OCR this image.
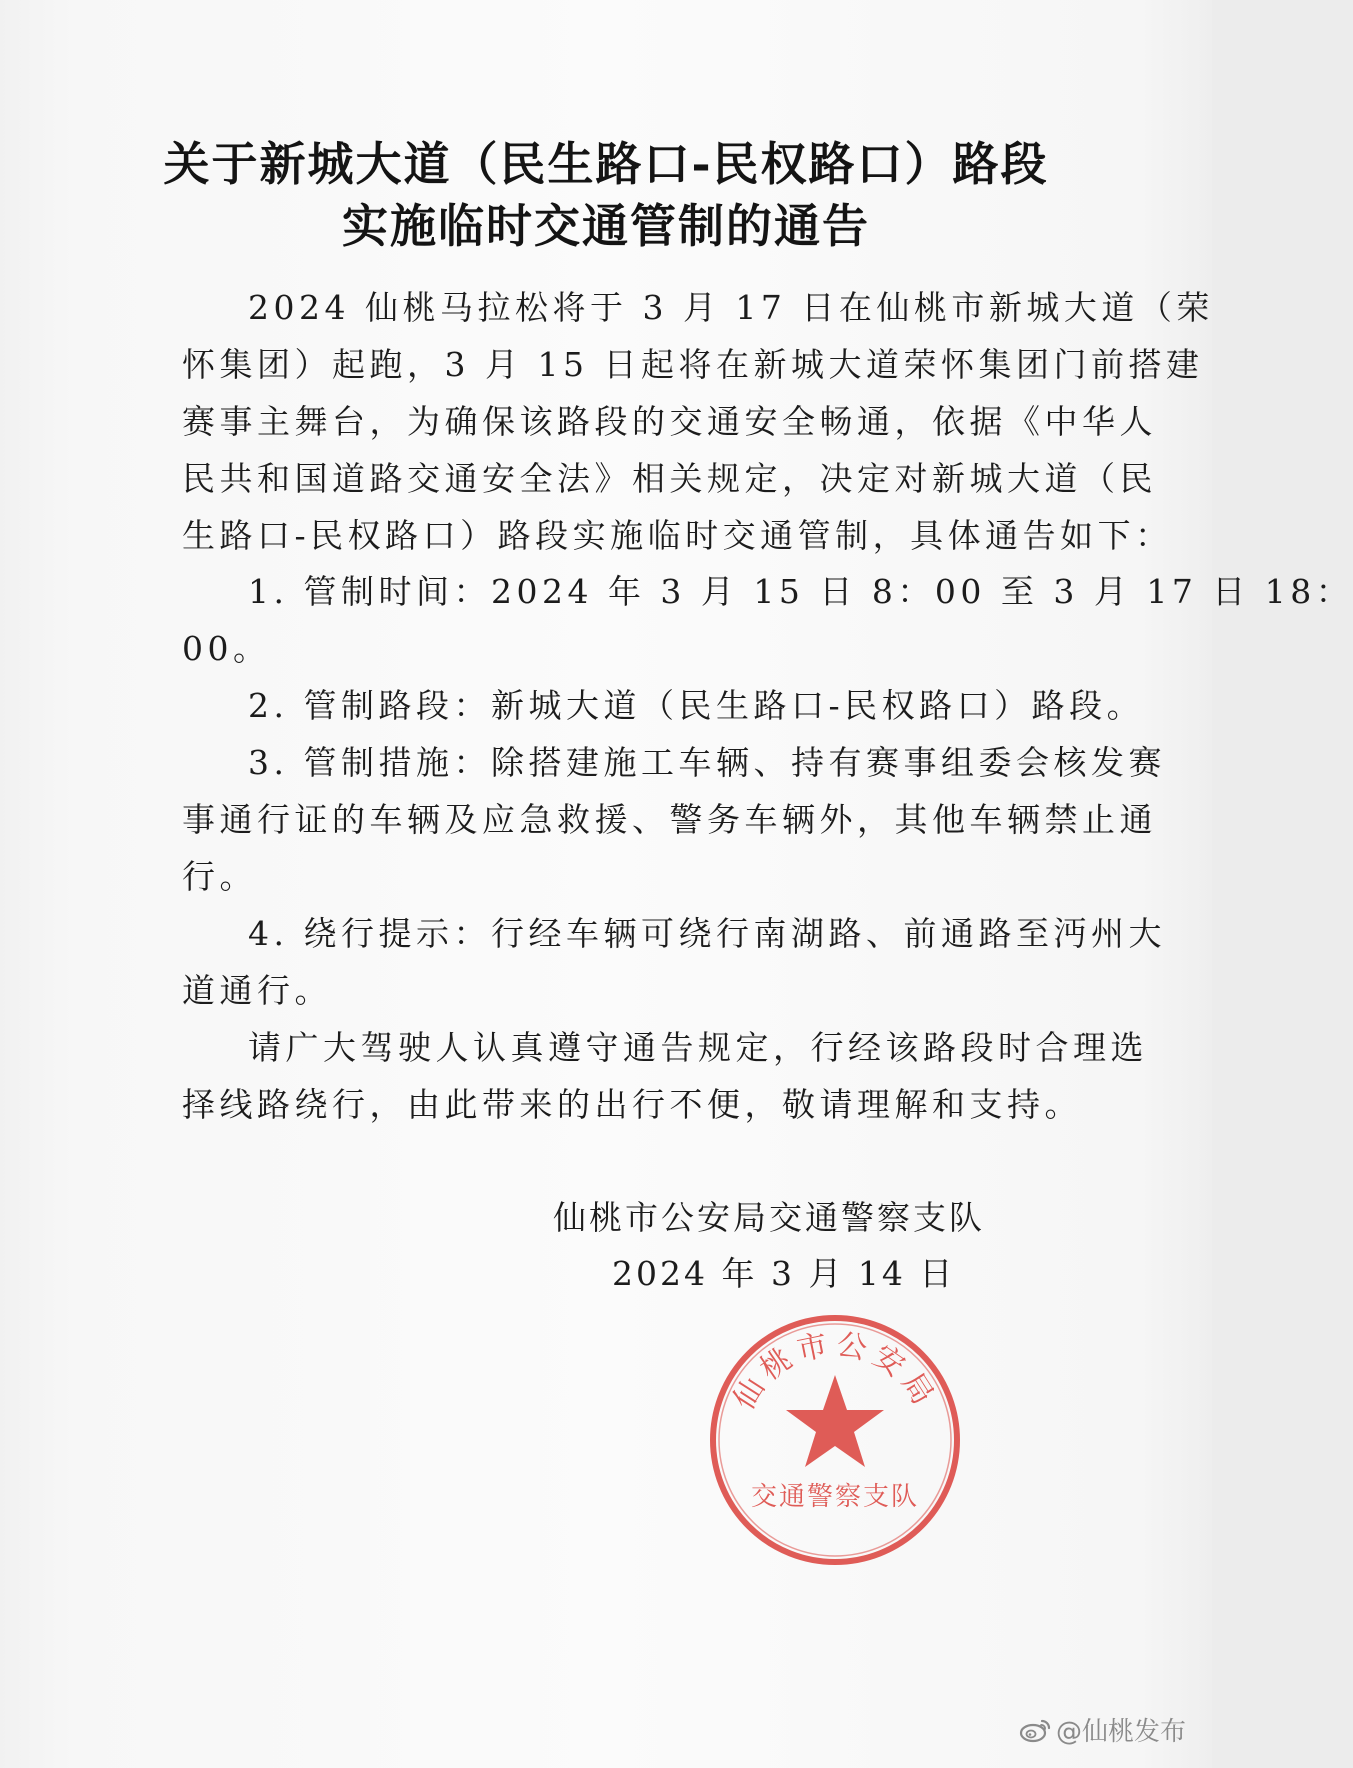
关于新城大道（民生路口-民权路口）路段
实施临时交通管制的通告
2024 仙桃马拉松将于 3 月 17 日在仙桃市新城大道（荣
怀集团）起跑，3 月 15 日起将在新城大道荣怀集团门前搭建
赛事主舞台，为确保该路段的交通安全畅通，依据《中华人
民共和国道路交通安全法》相关规定，决定对新城大道（民
生路口-民权路口）路段实施临时交通管制，具体通告如下：
1. 管制时间：2024 年 3 月 15 日 8：00 至 3 月 17 日 18：
00。
2. 管制路段：新城大道（民生路口-民权路口）路段。
3. 管制措施：除搭建施工车辆、持有赛事组委会核发赛
事通行证的车辆及应急救援、警务车辆外，其他车辆禁止通
行。
4. 绕行提示：行经车辆可绕行南湖路、前通路至沔州大
道通行。
请广大驾驶人认真遵守通告规定，行经该路段时合理选
择线路绕行，由此带来的出行不便，敬请理解和支持。
仙桃市公安局
交通警察支队
仙桃市公安局交通警察支队
2024 年 3 月 14 日
@仙桃发布
